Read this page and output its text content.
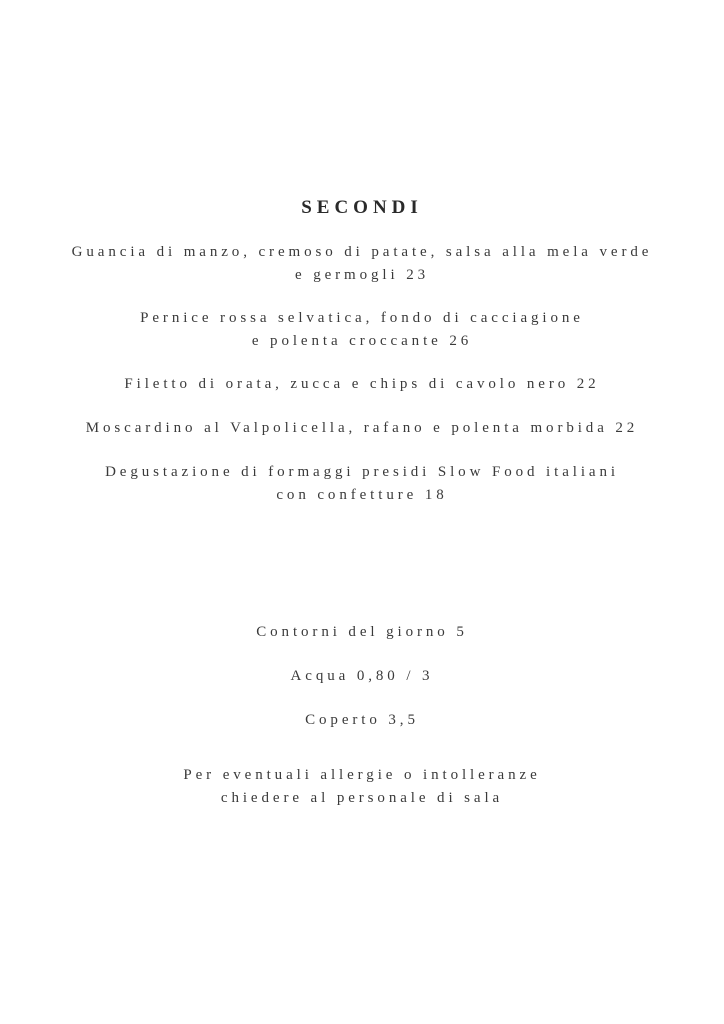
SECONDI
Guancia di manzo, cremoso di patate, salsa alla mela verde
e germogli 23
Pernice rossa selvatica, fondo di cacciagione
e polenta croccante 26
Filetto di orata, zucca e chips di cavolo nero 22
Moscardino al Valpolicella, rafano e polenta morbida 22
Degustazione di formaggi presidi Slow Food italiani
con confetture 18
Contorni del giorno 5
Acqua 0,80 / 3
Coperto 3,5
Per eventuali allergie o intolleranze
chiedere al personale di sala
